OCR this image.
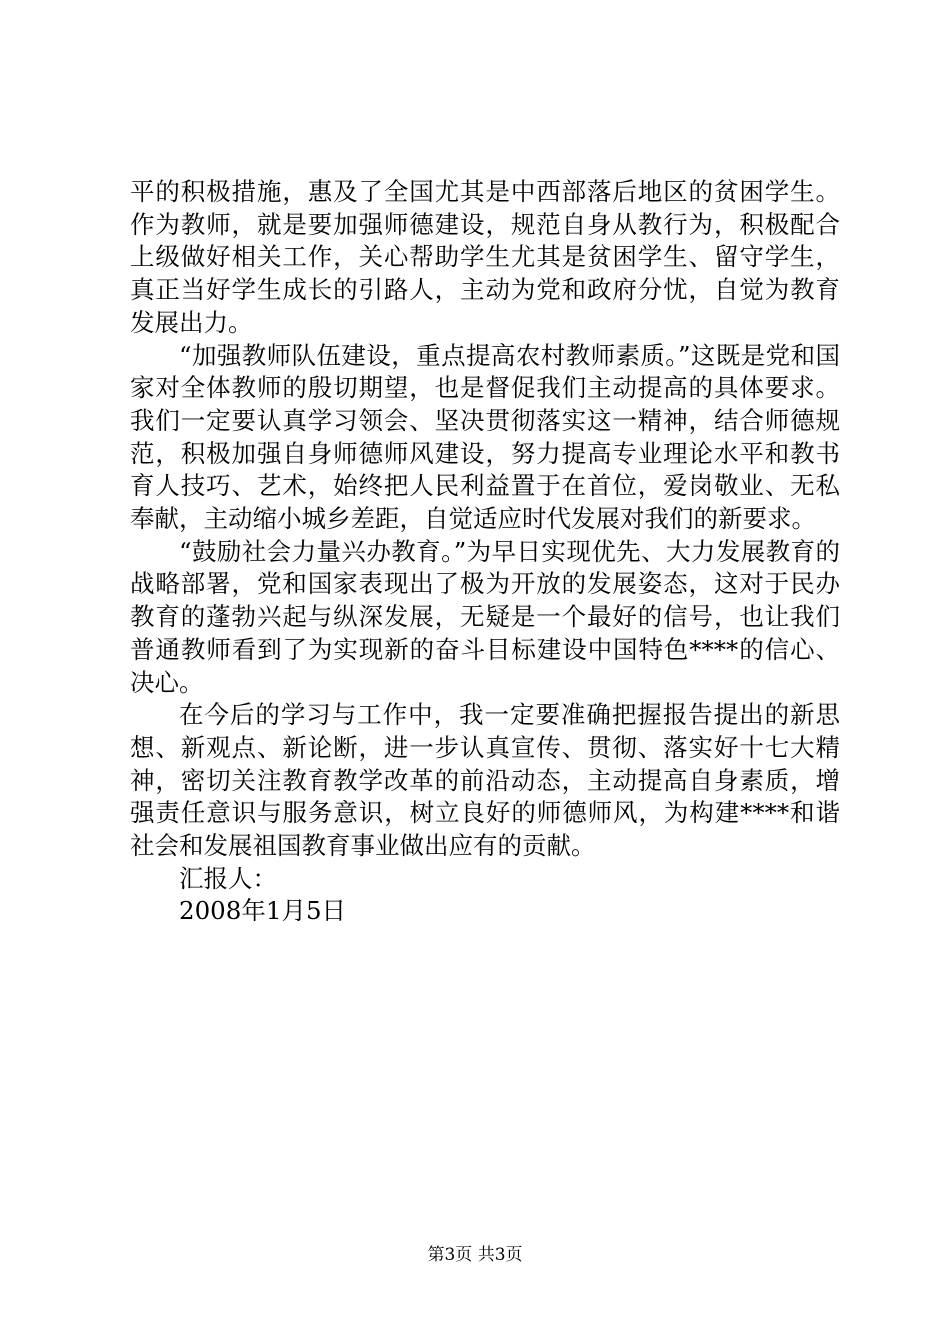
平的积极措施，惠及了全国尤其是中西部落后地区的贫困学生。作为教师，就是要加强师德建设，规范自身从教行为，积极配合上级做好相关工作，关心帮助学生尤其是贫困学生、留守学生，真正当好学生成长的引路人，主动为党和政府分忧，自觉为教育发展出力。

“加强教师队伍建设，重点提高农村教师素质。”这既是党和国家对全体教师的殷切期望，也是督促我们主动提高的具体要求。我们一定要认真学习领会、坚决贯彻落实这一精神，结合师德规范，积极加强自身师德师风建设，努力提高专业理论水平和教书育人技巧、艺术，始终把人民利益置于在首位，爱岗敬业、无私奉献，主动缩小城乡差距，自觉适应时代发展对我们的新要求。

“鼓励社会力量兴办教育。”为早日实现优先、大力发展教育的战略部署，党和国家表现出了极为开放的发展姿态，这对于民办教育的蓬勃兴起与纵深发展，无疑是一个最好的信号，也让我们普通教师看到了为实现新的奋斗目标建设中国特色****的信心、决心。

在今后的学习与工作中，我一定要准确把握报告提出的新思想、新观点、新论断，进一步认真宣传、贯彻、落实好十七大精神，密切关注教育教学改革的前沿动态，主动提高自身素质，增强责任意识与服务意识，树立良好的师德师风，为构建****和谐社会和发展祖国教育事业做出应有的贡献。

汇报人：

2008年1月5日

第3页 共3页
